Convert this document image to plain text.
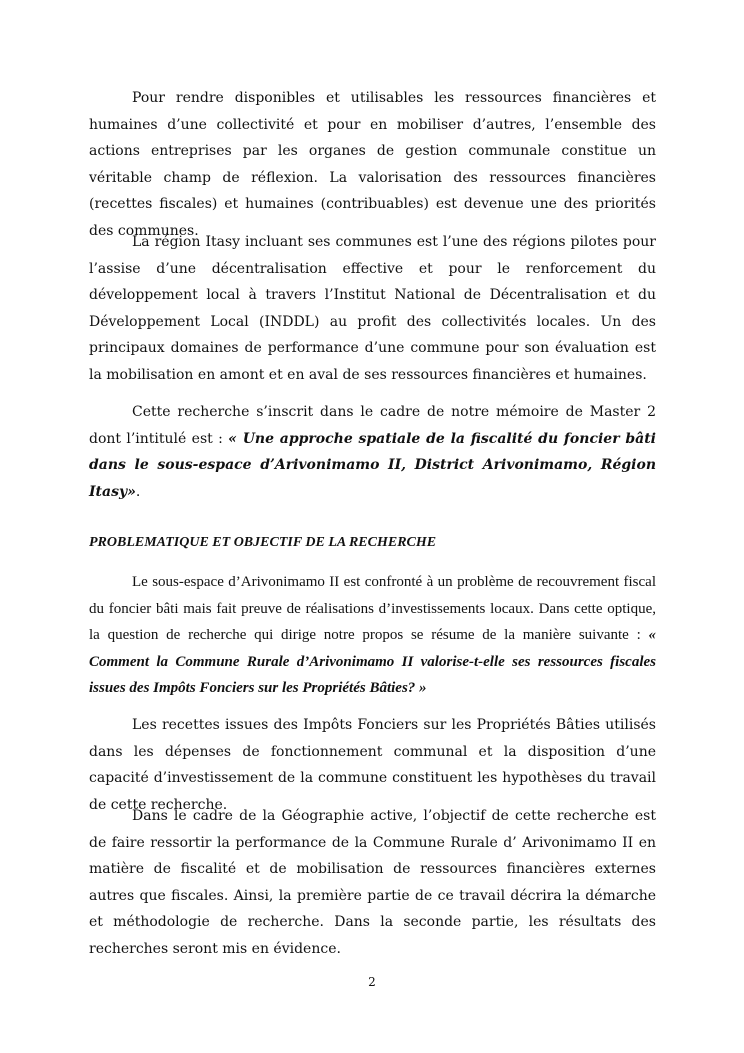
Pour rendre disponibles et utilisables les ressources financières et humaines d’une collectivité et pour en mobiliser d’autres, l’ensemble des actions entreprises par les organes de gestion communale constitue un véritable champ de réflexion. La valorisation des ressources financières (recettes fiscales) et humaines (contribuables) est devenue une des priorités des communes.

La région Itasy incluant ses communes est l’une des régions pilotes pour l’assise d’une décentralisation effective et pour le renforcement du développement local à travers l’Institut National de Décentralisation et du Développement Local (INDDL) au profit des collectivités locales. Un des principaux domaines de performance d’une commune pour son évaluation est la mobilisation en amont et en aval de ses ressources financières et humaines.

Cette recherche s’inscrit dans le cadre de notre mémoire de Master 2 dont l’intitulé est : « Une approche spatiale de la fiscalité du foncier bâti dans le sous-espace d’Arivonimamo II, District Arivonimamo, Région Itasy».

PROBLEMATIQUE ET OBJECTIF DE LA RECHERCHE

Le sous-espace d’Arivonimamo II est confronté à un problème de recouvrement fiscal du foncier bâti mais fait preuve de réalisations d’investissements locaux. Dans cette optique, la question de recherche qui dirige notre propos se résume de la manière suivante : « Comment la Commune Rurale d’Arivonimamo II valorise-t-elle ses ressources fiscales issues des Impôts Fonciers sur les Propriétés Bâties? »

Les recettes issues des Impôts Fonciers sur les Propriétés Bâties utilisés dans les dépenses de fonctionnement communal et la disposition d’une capacité d’investissement de la commune constituent les hypothèses du travail de cette recherche.

Dans le cadre de la Géographie active, l’objectif de cette recherche est de faire ressortir la performance de la Commune Rurale d’ Arivonimamo II en matière de fiscalité et de mobilisation de ressources financières externes autres que fiscales. Ainsi, la première partie de ce travail décrira la démarche et méthodologie de recherche. Dans la seconde partie, les résultats des recherches seront mis en évidence.

2
